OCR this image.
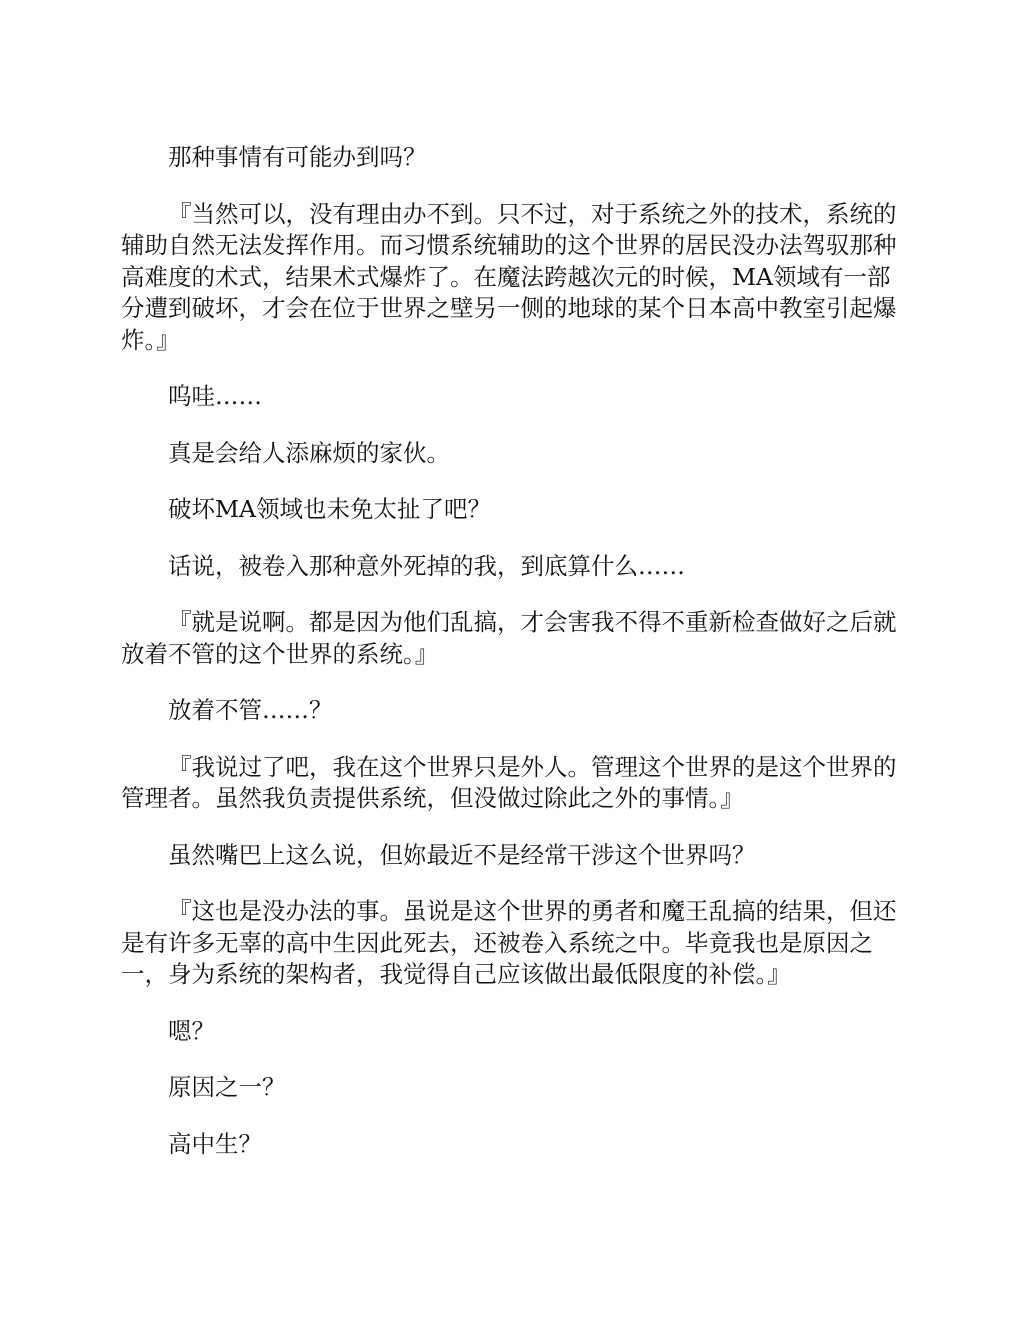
那种事情有可能办到吗？

『当然可以，没有理由办不到。只不过，对于系统之外的技术，系统的辅助自然无法发挥作用。而习惯系统辅助的这个世界的居民没办法驾驭那种高难度的术式，结果术式爆炸了。在魔法跨越次元的时候，MA领域有一部分遭到破坏，才会在位于世界之壁另一侧的地球的某个日本高中教室引起爆炸。』

呜哇……

真是会给人添麻烦的家伙。

破坏MA领域也未免太扯了吧？

话说，被卷入那种意外死掉的我，到底算什么……

『就是说啊。都是因为他们乱搞，才会害我不得不重新检查做好之后就放着不管的这个世界的系统。』

放着不管……？

『我说过了吧，我在这个世界只是外人。管理这个世界的是这个世界的管理者。虽然我负责提供系统，但没做过除此之外的事情。』

虽然嘴巴上这么说，但妳最近不是经常干涉这个世界吗？

『这也是没办法的事。虽说是这个世界的勇者和魔王乱搞的结果，但还是有许多无辜的高中生因此死去，还被卷入系统之中。毕竟我也是原因之一，身为系统的架构者，我觉得自己应该做出最低限度的补偿。』

嗯？

原因之一？

高中生？
